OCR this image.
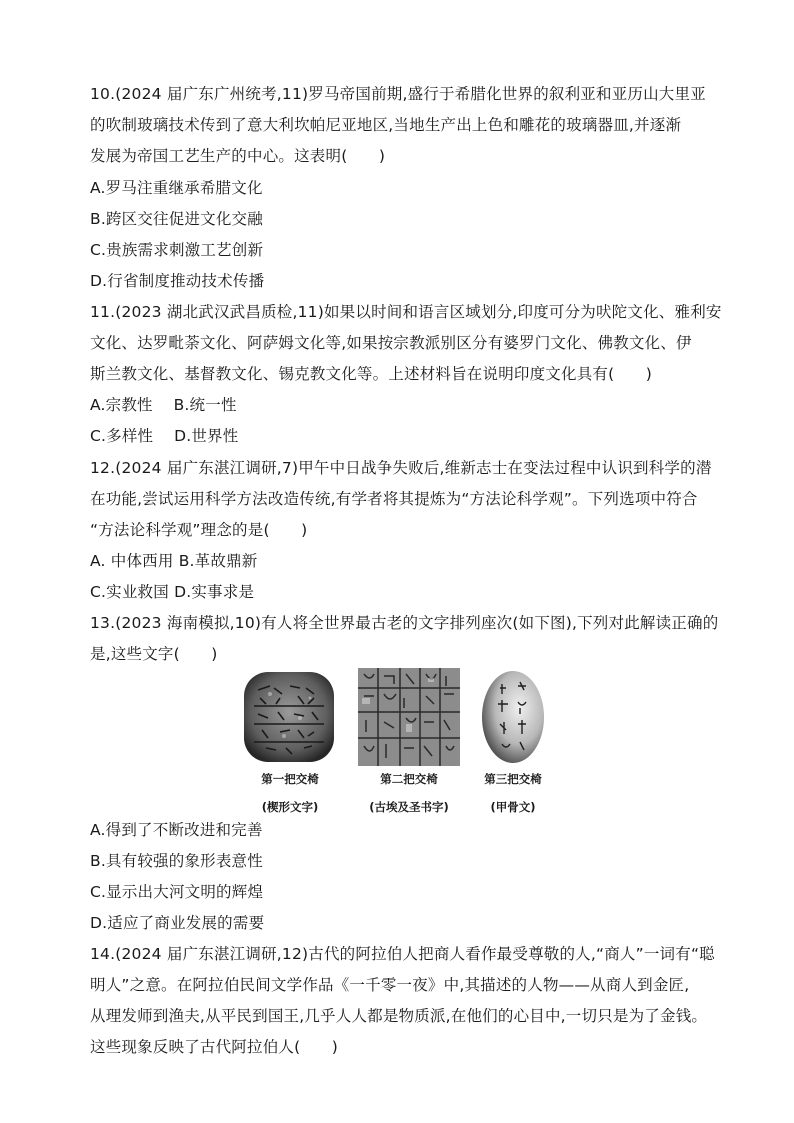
10.(2024 届广东广州统考,11)罗马帝国前期,盛行于希腊化世界的叙利亚和亚历山大里亚
的吹制玻璃技术传到了意大利坎帕尼亚地区,当地生产出上色和雕花的玻璃器皿,并逐渐
发展为帝国工艺生产的中心。这表明(　　)
A.罗马注重继承希腊文化
B.跨区交往促进文化交融
C.贵族需求刺激工艺创新
D.行省制度推动技术传播
11.(2023 湖北武汉武昌质检,11)如果以时间和语言区域划分,印度可分为吠陀文化、雅利安
文化、达罗毗荼文化、阿萨姆文化等,如果按宗教派别区分有婆罗门文化、佛教文化、伊
斯兰教文化、基督教文化、锡克教文化等。上述材料旨在说明印度文化具有(　　)
A.宗教性　 B.统一性
C.多样性　 D.世界性
12.(2024 届广东湛江调研,7)甲午中日战争失败后,维新志士在变法过程中认识到科学的潜
在功能,尝试运用科学方法改造传统,有学者将其提炼为“方法论科学观”。下列选项中符合
“方法论科学观”理念的是(　　)
A. 中体西用 B.革故鼎新
C.实业救国 D.实事求是
13.(2023 海南模拟,10)有人将全世界最古老的文字排列座次(如下图),下列对此解读正确的
是,这些文字(　　)
第一把交椅	第二把交椅	第三把交椅
(楔形文字)	(古埃及圣书字)	(甲骨文)
A.得到了不断改进和完善
B.具有较强的象形表意性
C.显示出大河文明的辉煌
D.适应了商业发展的需要
14.(2024 届广东湛江调研,12)古代的阿拉伯人把商人看作最受尊敬的人,“商人”一词有“聪
明人”之意。在阿拉伯民间文学作品《一千零一夜》中,其描述的人物——从商人到金匠,
从理发师到渔夫,从平民到国王,几乎人人都是物质派,在他们的心目中,一切只是为了金钱。
这些现象反映了古代阿拉伯人(　　)
